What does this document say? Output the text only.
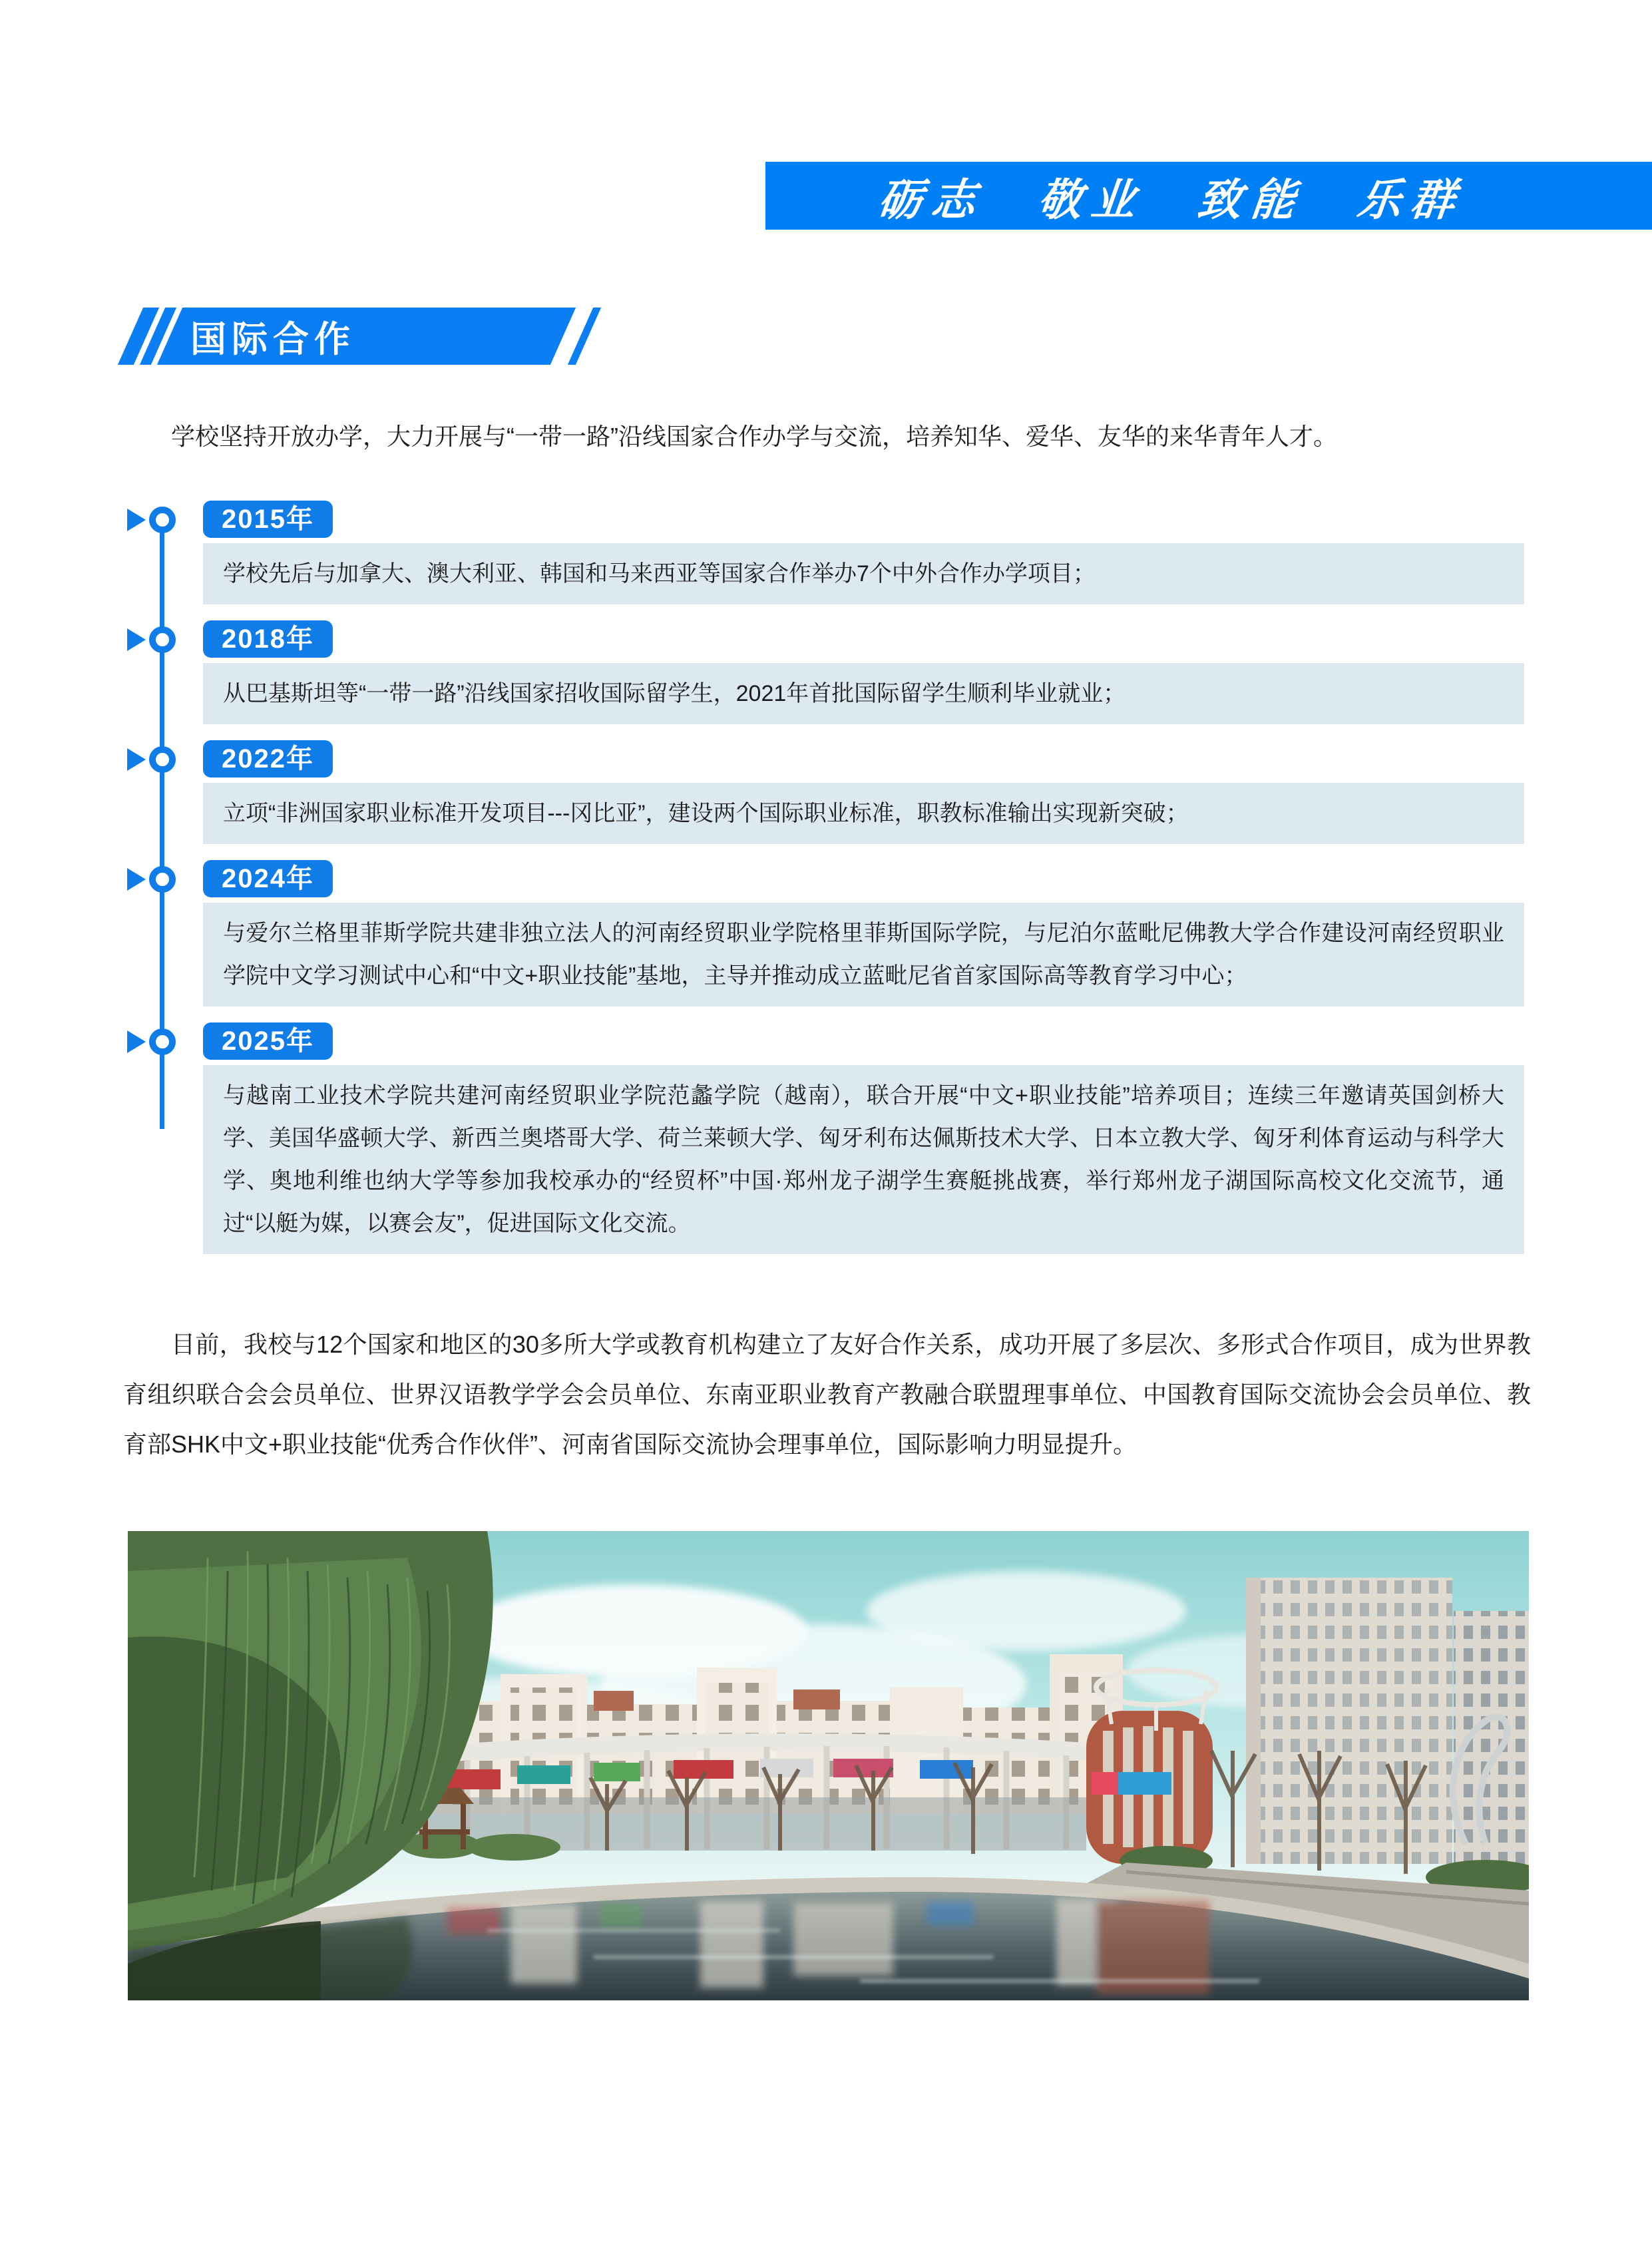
砺志　敬业　致能　乐群
国际合作

学校坚持开放办学，大力开展与“一带一路”沿线国家合作办学与交流，培养知华、爱华、友华的来华青年人才。

2015年

学校先后与加拿大、澳大利亚、韩国和马来西亚等国家合作举办7个中外合作办学项目；

2018年

从巴基斯坦等“一带一路”沿线国家招收国际留学生，2021年首批国际留学生顺利毕业就业；

2022年

立项“非洲国家职业标准开发项目---冈比亚”，建设两个国际职业标准，职教标准输出实现新突破；

2024年

与爱尔兰格里菲斯学院共建非独立法人的河南经贸职业学院格里菲斯国际学院，与尼泊尔蓝毗尼佛教大学合作建设河南经贸职业学院中文学习测试中心和“中文+职业技能”基地，主导并推动成立蓝毗尼省首家国际高等教育学习中心；

2025年

与越南工业技术学院共建河南经贸职业学院范蠡学院（越南），联合开展“中文+职业技能”培养项目；连续三年邀请英国剑桥大学、美国华盛顿大学、新西兰奥塔哥大学、荷兰莱顿大学、匈牙利布达佩斯技术大学、日本立教大学、匈牙利体育运动与科学大学、奥地利维也纳大学等参加我校承办的“经贸杯”中国·郑州龙子湖学生赛艇挑战赛，举行郑州龙子湖国际高校文化交流节，通过“以艇为媒，以赛会友”，促进国际文化交流。

目前，我校与12个国家和地区的30多所大学或教育机构建立了友好合作关系，成功开展了多层次、多形式合作项目，成为世界教育组织联合会会员单位、世界汉语教学学会会员单位、东南亚职业教育产教融合联盟理事单位、中国教育国际交流协会会员单位、教育部SHK中文+职业技能“优秀合作伙伴”、河南省国际交流协会理事单位，国际影响力明显提升。
